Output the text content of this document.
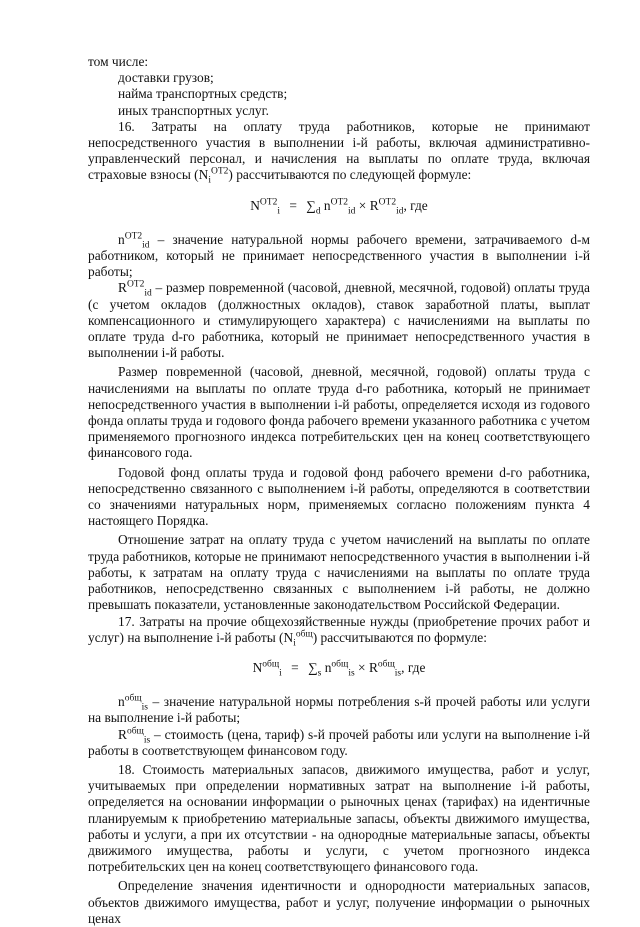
том числе:

доставки грузов;

найма транспортных средств;

иных транспортных услуг.

16. Затраты на оплату труда работников, которые не принимают непосредственного участия в выполнении i-й работы, включая административно-управленческий персонал, и начисления на выплаты по оплате труда, включая страховые взносы $(N_i^{ОТ2})$ рассчитываются по следующей формуле:

$N^{ОТ2}_i = \sum_d$ $n^{ОТ2}_{id} \times R^{ОТ2}_{id}$, где

$n^{ОТ2}_{id}$ – значение натуральной нормы рабочего времени, затрачиваемого d-м работником, который не принимает непосредственного участия в выполнении i-й работы;

$R^{ОТ2}_{id}$ – размер повременной (часовой, дневной, месячной, годовой) оплаты труда (с учетом окладов (должностных окладов), ставок заработной платы, выплат компенсационного и стимулирующего характера) с начислениями на выплаты по оплате труда d-го работника, который не принимает непосредственного участия в выполнении i-й работы.

Размер повременной (часовой, дневной, месячной, годовой) оплаты труда с начислениями на выплаты по оплате труда d-го работника, который не принимает непосредственного участия в выполнении i-й работы, определяется исходя из годового фонда оплаты труда и годового фонда рабочего времени указанного работника с учетом применяемого прогнозного индекса потребительских цен на конец соответствующего финансового года.

Годовой фонд оплаты труда и годовой фонд рабочего времени d-го работника, непосредственно связанного с выполнением i-й работы, определяются в соответствии со значениями натуральных норм, применяемых согласно положениям пункта 4 настоящего Порядка.

Отношение затрат на оплату труда с учетом начислений на выплаты по оплате труда работников, которые не принимают непосредственного участия в выполнении i-й работы, к затратам на оплату труда с начислениями на выплаты по оплате труда работников, непосредственно связанных с выполнением i-й работы, не должно превышать показатели, установленные законодательством Российской Федерации.

17. Затраты на прочие общехозяйственные нужды (приобретение прочих работ и услуг) на выполнение i-й работы $(N_i^{общ})$ рассчитываются по формуле:

$N^{общ}_i = \sum_s$ $n^{общ}_{is} \times R^{общ}_{is}$, где

$n^{общ}_{is}$ – значение натуральной нормы потребления s-й прочей работы или услуги на выполнение i-й работы;

$R^{общ}_{is}$ – стоимость (цена, тариф) s-й прочей работы или услуги на выполнение i-й работы в соответствующем финансовом году.

18. Стоимость материальных запасов, движимого имущества, работ и услуг, учитываемых при определении нормативных затрат на выполнение i-й работы, определяется на основании информации о рыночных ценах (тарифах) на идентичные планируемым к приобретению материальные запасы, объекты движимого имущества, работы и услуги, а при их отсутствии - на однородные материальные запасы, объекты движимого имущества, работы и услуги, с учетом прогнозного индекса потребительских цен на конец соответствующего финансового года.

Определение значения идентичности и однородности материальных запасов, объектов движимого имущества, работ и услуг, получение информации о рыночных ценах
